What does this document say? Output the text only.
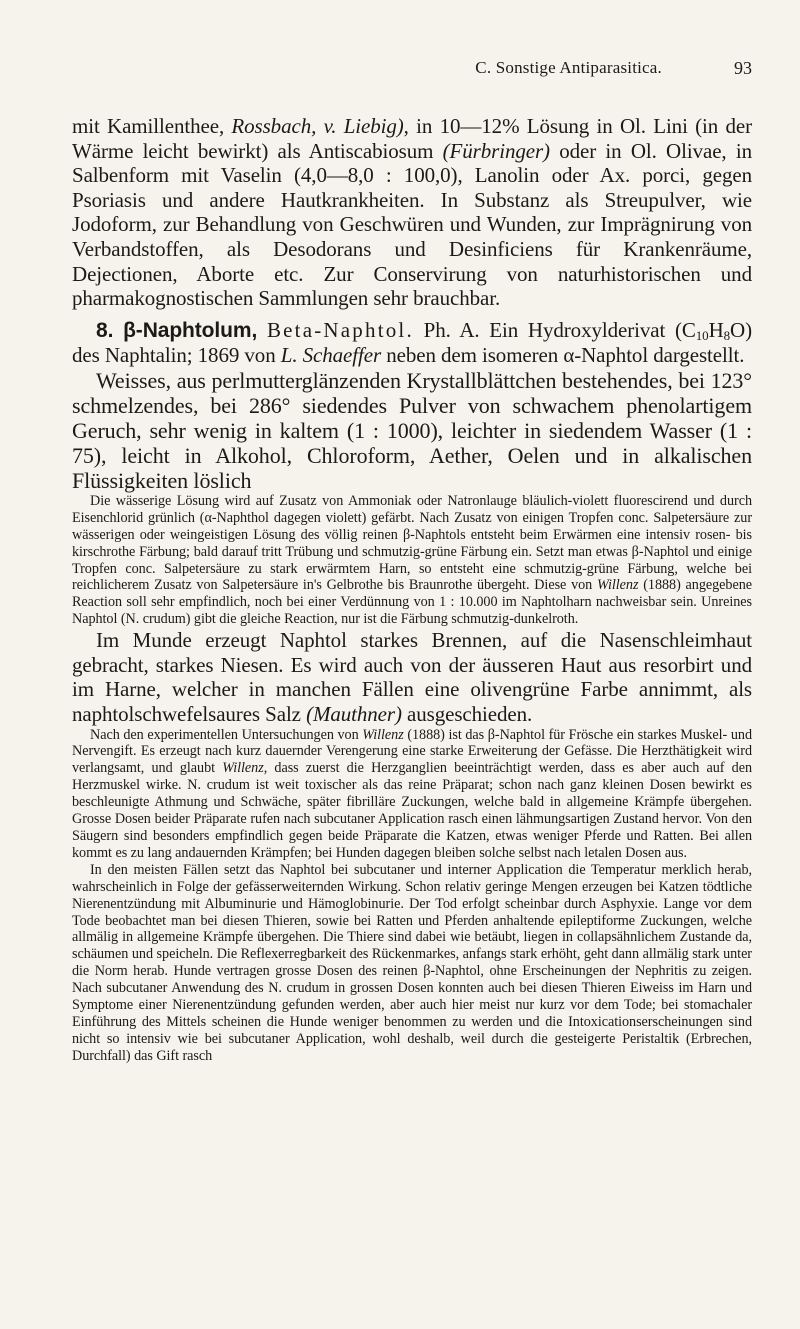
C. Sonstige Antiparasitica.	93

mit Kamillenthee, Rossbach, v. Liebig), in 10—12% Lösung in Ol. Lini (in der Wärme leicht bewirkt) als Antiscabiosum (Fürbringer) oder in Ol. Olivae, in Salbenform mit Vaselin (4,0—8,0 : 100,0), Lanolin oder Ax. porci, gegen Psoriasis und andere Hautkrankheiten. In Substanz als Streupulver, wie Jodoform, zur Behandlung von Geschwüren und Wunden, zur Imprägnirung von Verbandstoffen, als Desodorans und Desinficiens für Krankenräume, Dejectionen, Aborte etc. Zur Conservirung von naturhistorischen und pharmakognostischen Sammlungen sehr brauchbar.

8. β-Naphtolum, Beta-Naphtol. Ph. A. Ein Hydroxylderivat $(C_{10}H_8O)$ des Naphtalin; 1869 von L. Schaeffer neben dem isomeren α-Naphtol dargestellt.

Weisses, aus perlmutterglänzenden Krystallblättchen bestehendes, bei 123° schmelzendes, bei 286° siedendes Pulver von schwachem phenolartigem Geruch, sehr wenig in kaltem (1 : 1000), leichter in siedendem Wasser (1 : 75), leicht in Alkohol, Chloroform, Aether, Oelen und in alkalischen Flüssigkeiten löslich

Die wässerige Lösung wird auf Zusatz von Ammoniak oder Natronlauge bläulich-violett fluorescirend und durch Eisenchlorid grünlich (α-Naphthol dagegen violett) gefärbt. Nach Zusatz von einigen Tropfen conc. Salpetersäure zur wässerigen oder weingeistigen Lösung des völlig reinen β-Naphtols entsteht beim Erwärmen eine intensiv rosen- bis kirschrothe Färbung; bald darauf tritt Trübung und schmutzig-grüne Färbung ein. Setzt man etwas β-Naphtol und einige Tropfen conc. Salpetersäure zu stark erwärmtem Harn, so entsteht eine schmutzig-grüne Färbung, welche bei reichlicherem Zusatz von Salpetersäure in's Gelbrothe bis Braunrothe übergeht. Diese von Willenz (1888) angegebene Reaction soll sehr empfindlich, noch bei einer Verdünnung von 1 : 10.000 im Naphtolharn nachweisbar sein. Unreines Naphtol (N. crudum) gibt die gleiche Reaction, nur ist die Färbung schmutzig-dunkelroth.

Im Munde erzeugt Naphtol starkes Brennen, auf die Nasenschleimhaut gebracht, starkes Niesen. Es wird auch von der äusseren Haut aus resorbirt und im Harne, welcher in manchen Fällen eine olivengrüne Farbe annimmt, als naphtolschwefelsaures Salz (Mauthner) ausgeschieden.

Nach den experimentellen Untersuchungen von Willenz (1888) ist das β-Naphtol für Frösche ein starkes Muskel- und Nervengift. Es erzeugt nach kurz dauernder Verengerung eine starke Erweiterung der Gefässe. Die Herzthätigkeit wird verlangsamt, und glaubt Willenz, dass zuerst die Herzganglien beeinträchtigt werden, dass es aber auch auf den Herzmuskel wirke. N. crudum ist weit toxischer als das reine Präparat; schon nach ganz kleinen Dosen bewirkt es beschleunigte Athmung und Schwäche, später fibrilläre Zuckungen, welche bald in allgemeine Krämpfe übergehen. Grosse Dosen beider Präparate rufen nach subcutaner Application rasch einen lähmungsartigen Zustand hervor. Von den Säugern sind besonders empfindlich gegen beide Präparate die Katzen, etwas weniger Pferde und Ratten. Bei allen kommt es zu lang andauernden Krämpfen; bei Hunden dagegen bleiben solche selbst nach letalen Dosen aus.

In den meisten Fällen setzt das Naphtol bei subcutaner und interner Application die Temperatur merklich herab, wahrscheinlich in Folge der gefässerweiternden Wirkung. Schon relativ geringe Mengen erzeugen bei Katzen tödtliche Nierenentzündung mit Albuminurie und Hämoglobinurie. Der Tod erfolgt scheinbar durch Asphyxie. Lange vor dem Tode beobachtet man bei diesen Thieren, sowie bei Ratten und Pferden anhaltende epileptiforme Zuckungen, welche allmälig in allgemeine Krämpfe übergehen. Die Thiere sind dabei wie betäubt, liegen in collapsähnlichem Zustande da, schäumen und speicheln. Die Reflexerregbarkeit des Rückenmarkes, anfangs stark erhöht, geht dann allmälig stark unter die Norm herab. Hunde vertragen grosse Dosen des reinen β-Naphtol, ohne Erscheinungen der Nephritis zu zeigen. Nach subcutaner Anwendung des N. crudum in grossen Dosen konnten auch bei diesen Thieren Eiweiss im Harn und Symptome einer Nierenentzündung gefunden werden, aber auch hier meist nur kurz vor dem Tode; bei stomachaler Einführung des Mittels scheinen die Hunde weniger benommen zu werden und die Intoxicationserscheinungen sind nicht so intensiv wie bei subcutaner Application, wohl deshalb, weil durch die gesteigerte Peristaltik (Erbrechen, Durchfall) das Gift rasch
